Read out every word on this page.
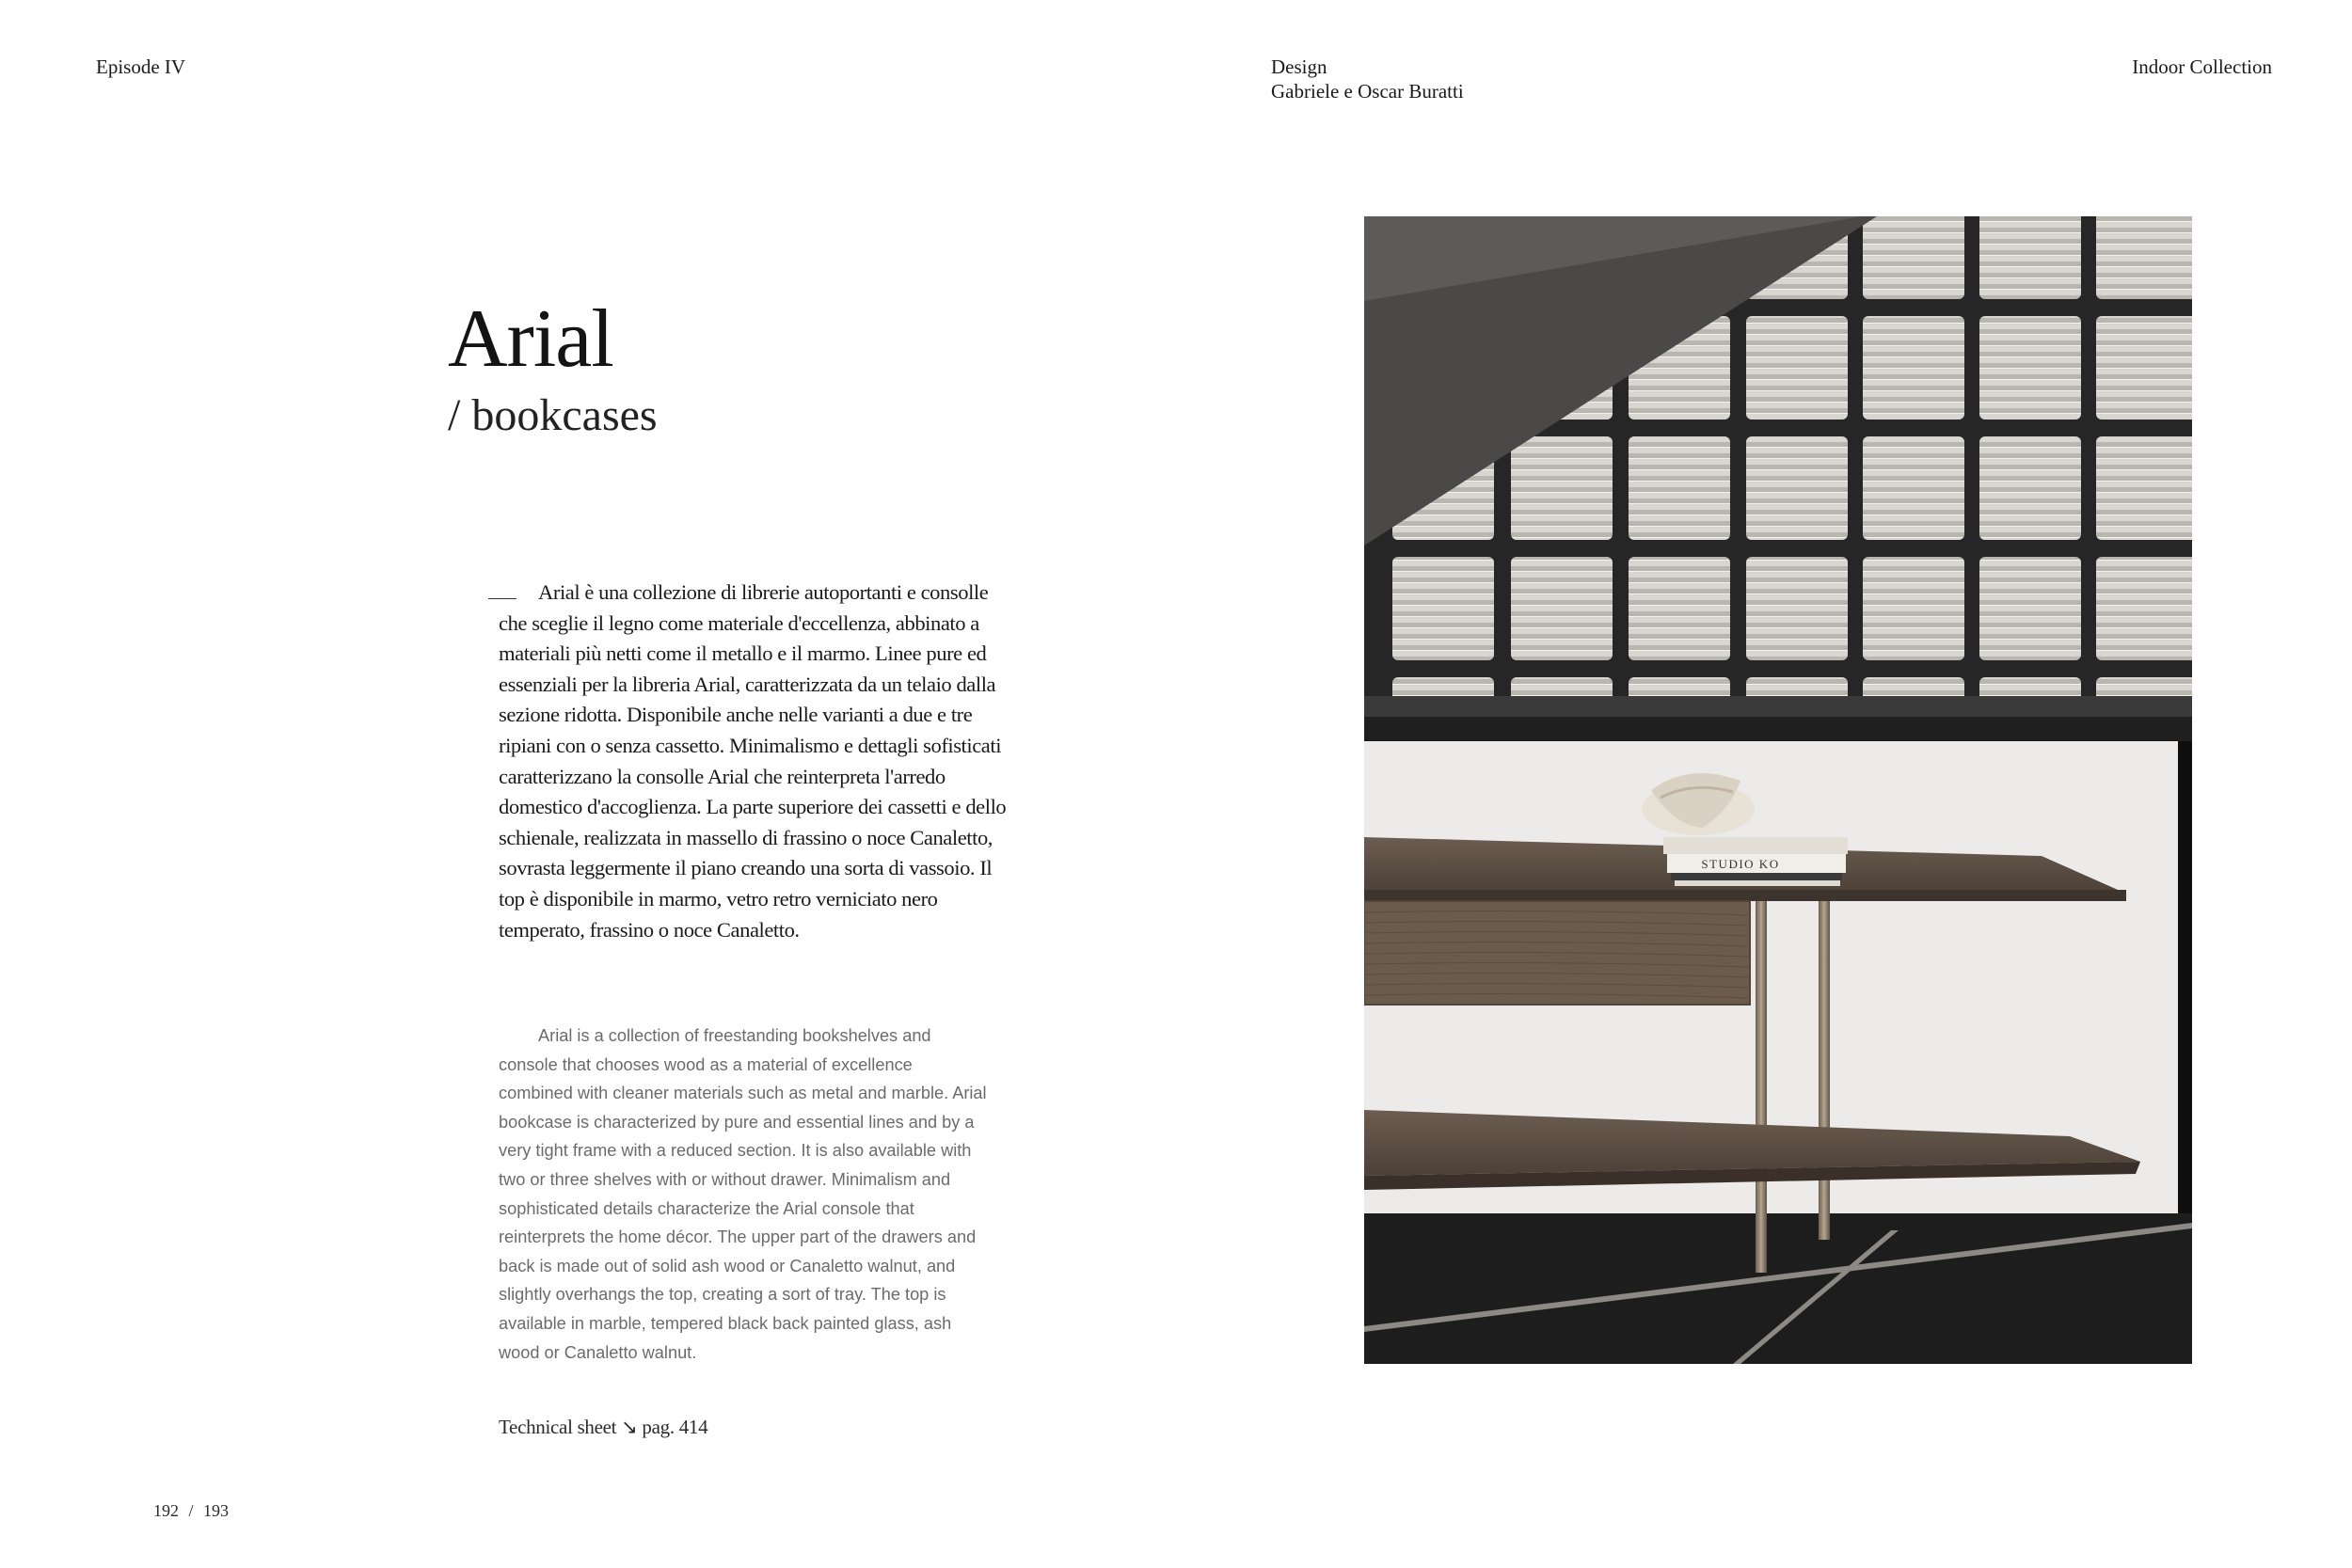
Episode IV	Design
Gabriele e Oscar Buratti

Indoor Collection

Arial
/ bookcases

Arial è una collezione di librerie autoportanti e consolle che sceglie il legno come materiale d'eccellenza, abbinato a materiali più netti come il metallo e il marmo. Linee pure ed essenziali per la libreria Arial, caratterizzata da un telaio dalla sezione ridotta. Disponibile anche nelle varianti a due e tre ripiani con o senza cassetto. Minimalismo e dettagli sofisticati caratterizzano la consolle Arial che reinterpreta l'arredo domestico d'accoglienza. La parte superiore dei cassetti e dello schienale, realizzata in massello di frassino o noce Canaletto, sovrasta leggermente il piano creando una sorta di vassoio. Il top è disponibile in marmo, vetro retro verniciato nero temperato, frassino o noce Canaletto.

Arial is a collection of freestanding bookshelves and console that chooses wood as a material of excellence combined with cleaner materials such as metal and marble. Arial bookcase is characterized by pure and essential lines and by a very tight frame with a reduced section. It is also available with two or three shelves with or without drawer. Minimalism and sophisticated details characterize the Arial console that reinterprets the home décor. The upper part of the drawers and back is made out of solid ash wood or Canaletto walnut, and slightly overhangs the top, creating a sort of tray. The top is available in marble, tempered black back painted glass, ash wood or Canaletto walnut.

Technical sheet ↘ pag. 414

192 / 193

STUDIO KO
